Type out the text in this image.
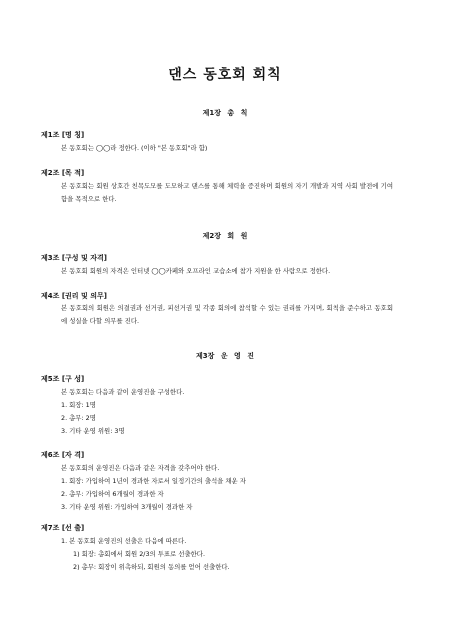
댄스 동호회 회칙
제1장 총 칙
제1조 [명 칭]
본 동호회는 ◯◯라 정한다. (이하 "본 동호회"라 함)
제2조 [목 적]
본 동호회는 회원 상호간 친목도모를 도모하고 댄스를 통해 체력을 증진하며 회원의 자기 개발과 지역 사회 발전에 기여함을 목적으로 한다.
제2장 회 원
제3조 [구성 및 자격]
본 동호회 회원의 자격은 인터넷 ◯◯카페와 오프라인 교습소에 참가 지원을 한 사람으로 정한다.
제4조 [권리 및 의무]
본 동호회의 회원은 의결권과 선거권, 피선거권 및 각종 회의에 참석할 수 있는 권리를 가지며, 회칙을 준수하고 동호회에 성실을 다할 의무를 진다.
제3장 운 영 진
제5조 [구 성]
본 동호회는 다음과 같이 운영진을 구성한다.
1. 회장: 1명
2. 총무: 2명
3. 기타 운영 위원: 3명
제6조 [자 격]
본 동호회의 운영진은 다음과 같은 자격을 갖추어야 한다.
1. 회장: 가입하여 1년이 경과한 자로서 일정기간의 출석을 채운 자
2. 총무: 가입하여 6개월이 경과한 자
3. 기타 운영 위원: 가입하여 3개월이 경과한 자
제7조 [선 출]
1. 본 동호회 운영진의 선출은 다음에 따른다.
1) 회장: 총회에서 회원 2/3의 투표로 선출한다.
2) 총무: 회장이 위촉하되, 회원의 동의를 얻어 선출한다.
